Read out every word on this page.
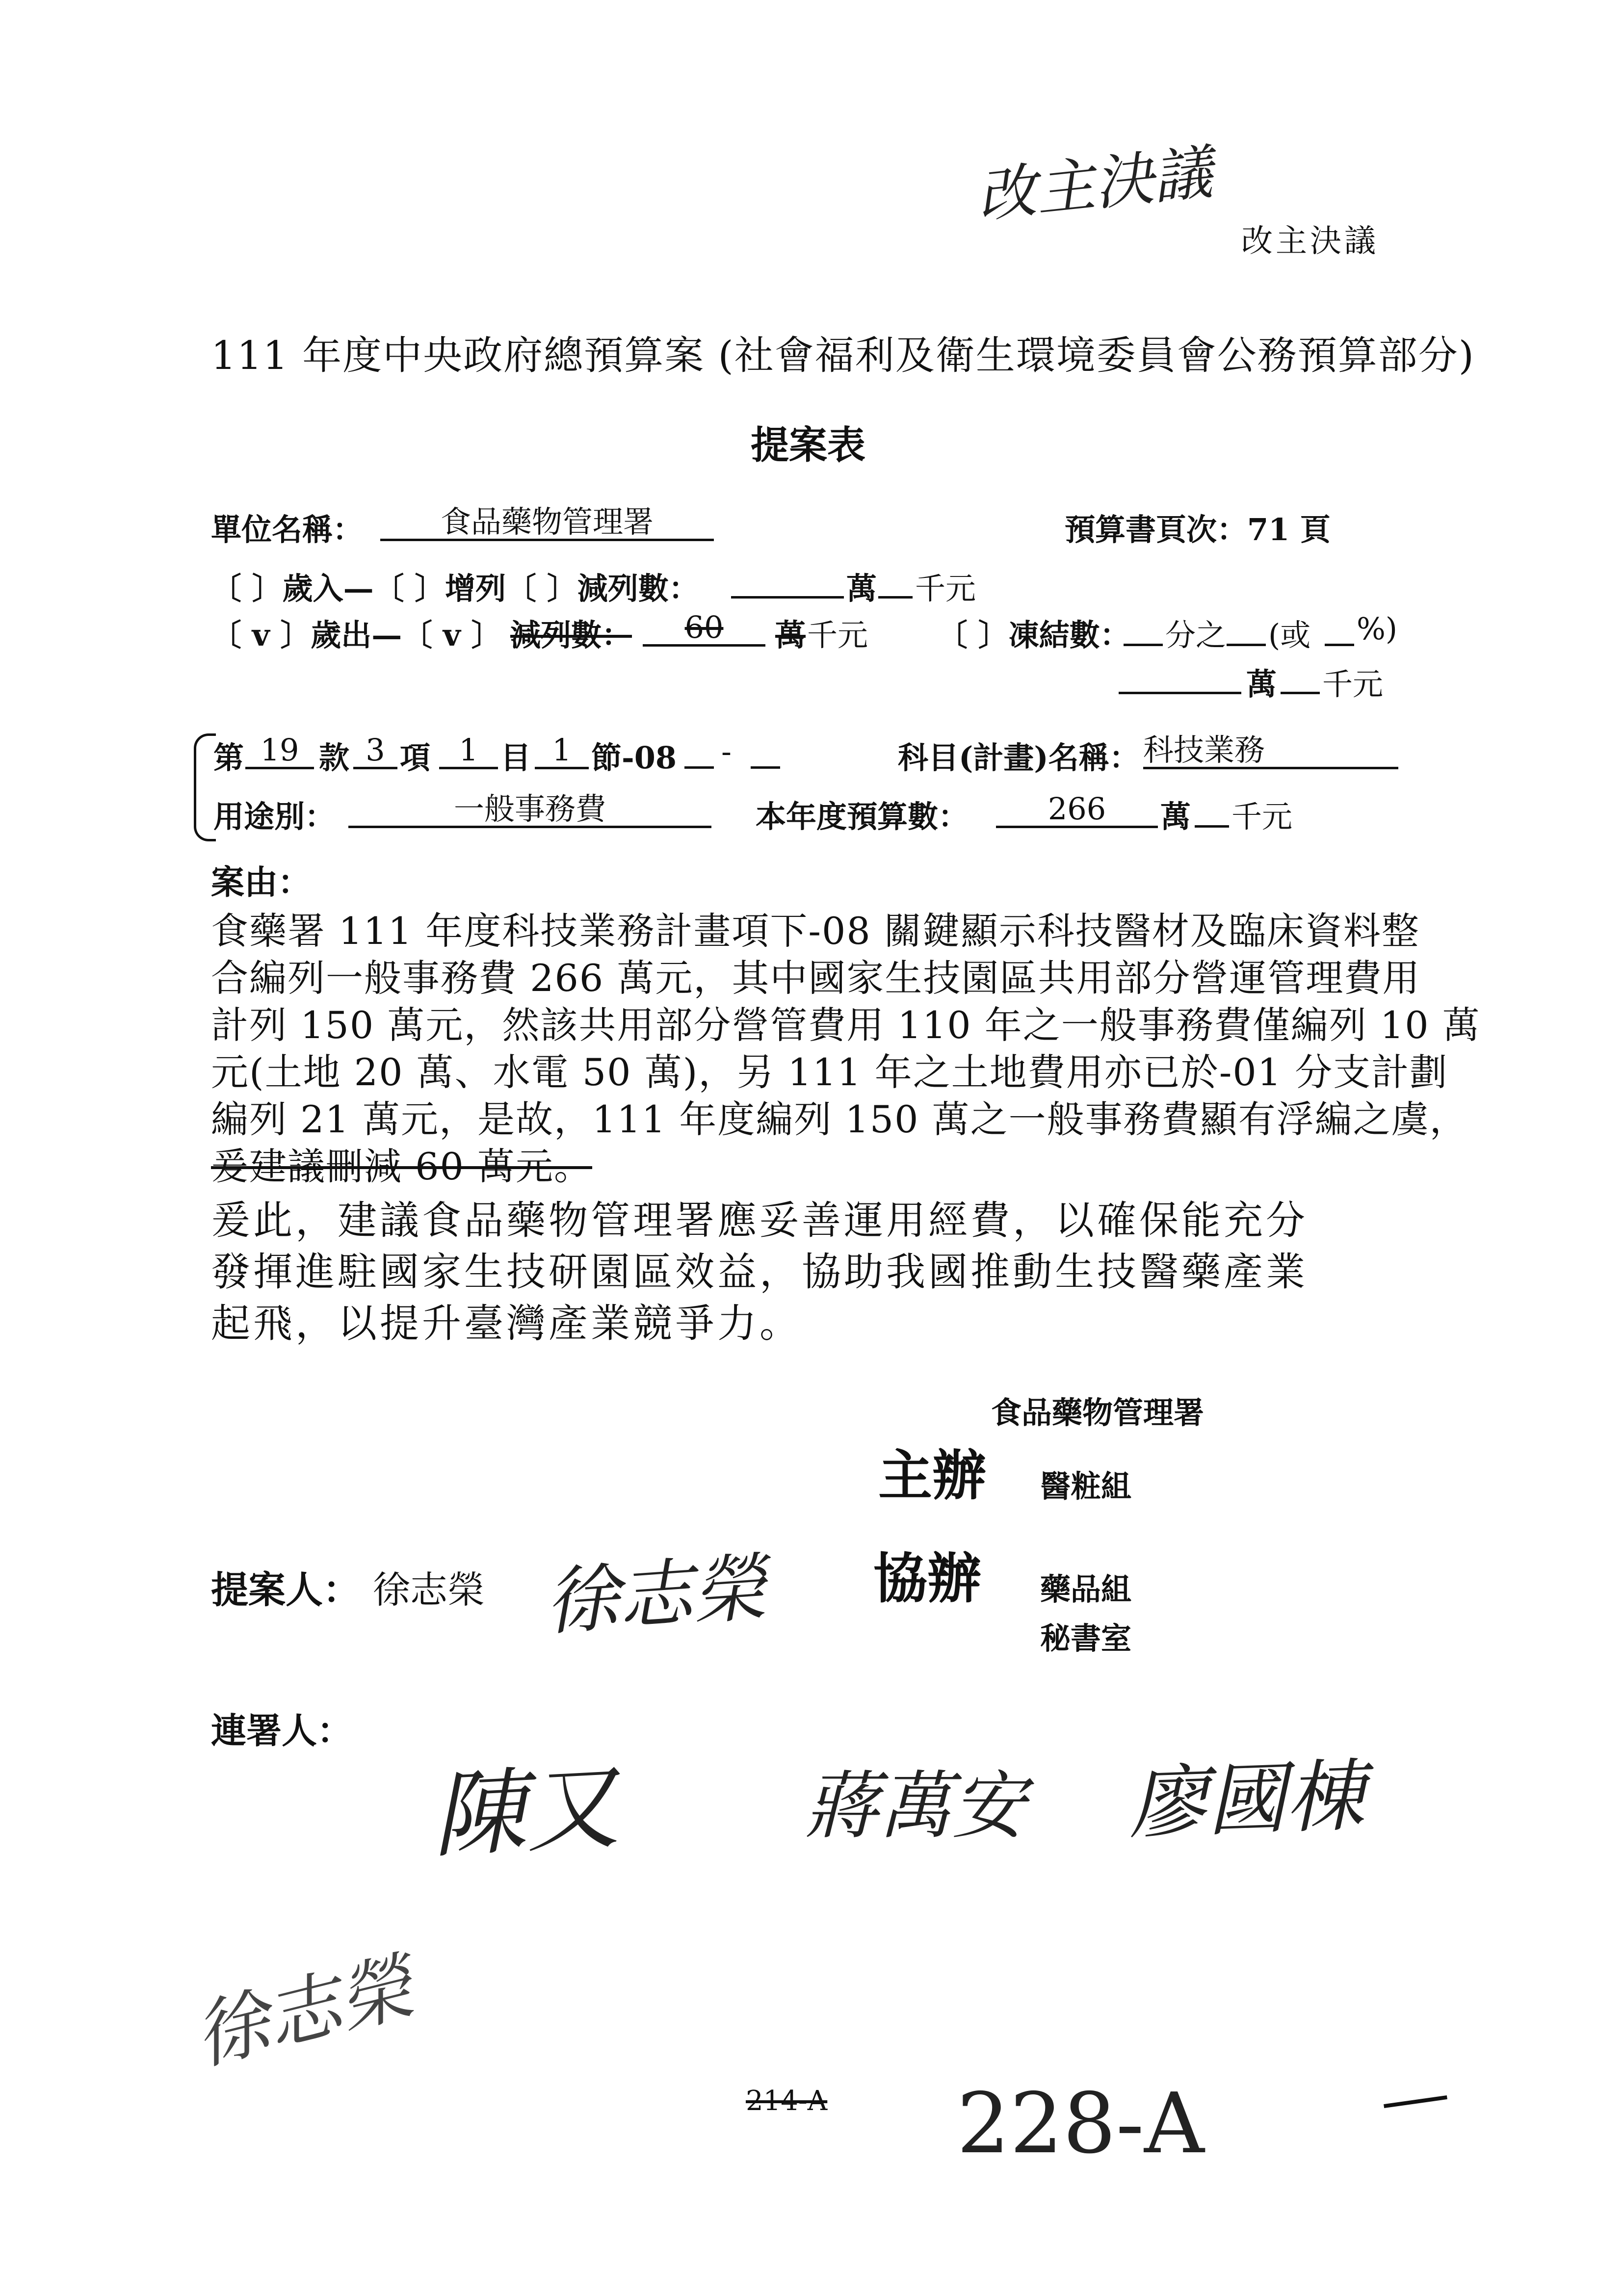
改主決議
改主決議
111 年度中央政府總預算案 (社會福利及衛生環境委員會公務預算部分)
提案表
單位名稱：	食品藥物管理署	預算書頁次：71 頁
〔 〕歲入—〔 〕增列〔 〕減列數：	萬 千元
〔 v 〕歲出—〔 v 〕 減列數：	60	萬 千元 〔 〕凍結數： 分之 (或 %)
萬 千元
第 19 款 3 項 1 目 1 節-08 -	科目(計畫)名稱： 科技業務
用途別：	一般事務費	本年度預算數：	266	萬 千元
案由：
食藥署 111 年度科技業務計畫項下-08 關鍵顯示科技醫材及臨床資料整
合編列一般事務費 266 萬元，其中國家生技園區共用部分營運管理費用
計列 150 萬元，然該共用部分營管費用 110 年之一般事務費僅編列 10 萬
元(土地 20 萬、水電 50 萬)，另 111 年之土地費用亦已於-01 分支計劃
編列 21 萬元，是故，111 年度編列 150 萬之一般事務費顯有浮編之虞，
爰建議刪減 60 萬元。
爰此，建議食品藥物管理署應妥善運用經費，以確保能充分
發揮進駐國家生技研園區效益，協助我國推動生技醫藥產業
起飛，以提升臺灣產業競爭力。
食品藥物管理署
主辦 醫粧組
提案人： 徐志榮 徐志榮 協辦 藥品組
秘書室
連署人：
陳又 蔣萬安 廖國棟
徐志榮
214-A 228-A
